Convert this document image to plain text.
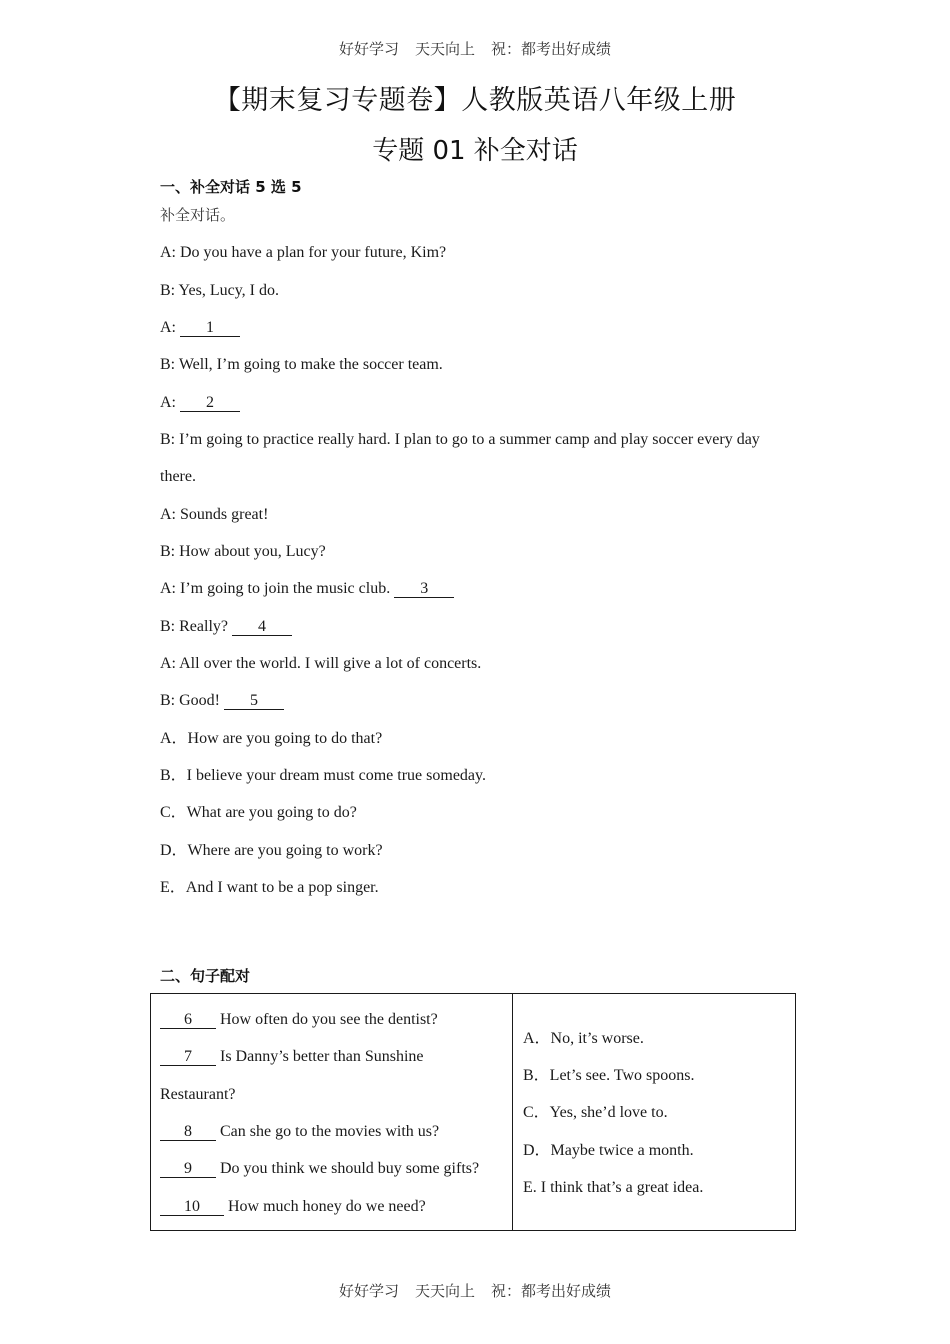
好好学习 天天向上 祝：都考出好成绩
【期末复习专题卷】人教版英语八年级上册
专题 01 补全对话
一、补全对话 5 选 5
补全对话。
A: Do you have a plan for your future, Kim?
B: Yes, Lucy, I do.
A: 1
B: Well, I’m going to make the soccer team.
A: 2
B: I’m going to practice really hard. I plan to go to a summer camp and play soccer every day
there.
A: Sounds great!
B: How about you, Lucy?
A: I’m going to join the music club. 3
B: Really? 4
A: All over the world. I will give a lot of concerts.
B: Good! 5
A．How are you going to do that?
B．I believe your dream must come true someday.
C．What are you going to do?
D．Where are you going to work?
E．And I want to be a pop singer.
二、句子配对
6 How often do you see the dentist?
7 Is Danny’s better than Sunshine
Restaurant?
8 Can she go to the movies with us?
9 Do you think we should buy some gifts?
10 How much honey do we need?

A．No, it’s worse.
B．Let’s see. Two spoons.
C．Yes, she’d love to.
D．Maybe twice a month.
E. I think that’s a great idea.
好好学习 天天向上 祝：都考出好成绩
